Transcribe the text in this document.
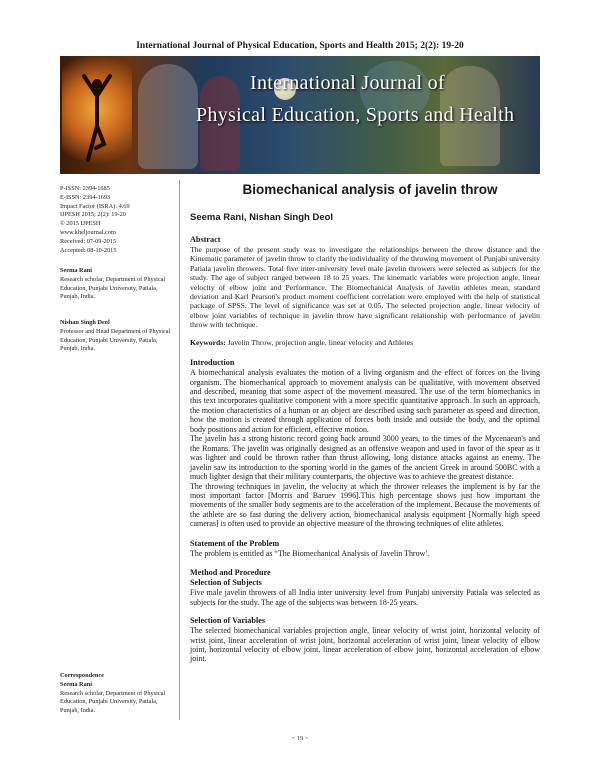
International Journal of Physical Education, Sports and Health 2015; 2(2): 19-20
International Journal of
Physical Education, Sports and Health
P-ISSN: 2394-1685
E-ISSN: 2394-1693
Impact Factor (ISRA): 4.69
IJPESH 2015; 2(2): 19-20
© 2015 IJPESH
www.kheljournal.com
Received: 07-09-2015
Accepted: 08-10-2015
Seema Rani
Research scholar, Department of Physical Education, Punjabi University, Patiala, Punjab, India.
Nishan Singh Deol
Professor and Head Department of Physical Education, Punjabi University, Patiala, Punjab, India.
Correspondence
Seema Rani
Research scholar, Department of Physical Education, Punjabi University, Patiala, Punjab, India.
Biomechanical analysis of javelin throw
Seema Rani, Nishan Singh Deol
Abstract

The purpose of the present study was to investigate the relationships between the throw distance and the Kinematic parameter of javelin throw to clarify the individuality of the throwing movement of Punjabi university Patiala javelin throwers. Total five inter-university level male javelin throwers were selected as subjects for the study. The age of subject ranged between 18 to 25 years. The kinematic variables were projection angle, linear velocity of elbow joint and Performance. The Biomechanical Analysis of Javelin athletes mean, standard deviation and Karl Pearson's product moment coefficient correlation were employed with the help of statistical package of SPSS. The level of significance was set at 0.05. The selected projection angle, linear velocity of elbow joint variables of technique in javelin throw have significant relationship with performance of javelin throw with technique.

Keywords: Javelin Throw, projection angle, linear velocity and Athletes

Introduction

A biomechanical analysis evaluates the motion of a living organism and the effect of forces on the living organism. The biomechanical approach to movement analysis can be qualitative, with movement observed and described, meaning that some aspect of the movement measured. The use of the term biomechanics in this text incorporates qualitative component with a more specific quantitative approach. In such an approach, the motion characteristics of a human or an object are described using such parameter as speed and direction, how the motion is created through application of forces both inside and outside the body, and the optimal body positions and action for efficient, effective motion.

The javelin has a strong historic record going back around 3000 years, to the times of the Mycenaean's and the Romans. The javelin was originally designed as an offensive weapon and used in favor of the spear as it was lighter and could be thrown rather than thrust allowing, long distance attacks against an enemy. The javelin saw its introduction to the sporting world in the games of the ancient Greek in around 500BC with a much lighter design that their military counterparts, the objective was to achieve the greatest distance.

The throwing techniques in javelin, the velocity at which the thrower releases the implement is by far the most important factor [Morris and Baruev 1996].This high percentage shows just how important the movements of the smaller body segments are to the acceleration of the implement. Because the movements of the athlete are so fast during the delivery action, biomechanical analysis equipment [Normally high speed cameras] is often used to provide an objective measure of the throwing techniques of elite athletes.

Statement of the Problem

The problem is entitled as “The Biomechanical Analysis of Javelin Throw’.

Method and Procedure
Selection of Subjects

Five male javelin throwers of all India inter university level from Punjabi university Patiala was selected as subjects for the study. The age of the subjects was between 18-25 years.

Selection of Variables

The selected biomechanical variables projection angle, linear velocity of wrist joint, horizontal velocity of wrist joint, linear acceleration of wrist joint, horizontal acceleration of wrist joint, linear velocity of elbow joint, horizontal velocity of elbow joint, linear acceleration of elbow joint, horizontal acceleration of elbow joint.

~ 19 ~
